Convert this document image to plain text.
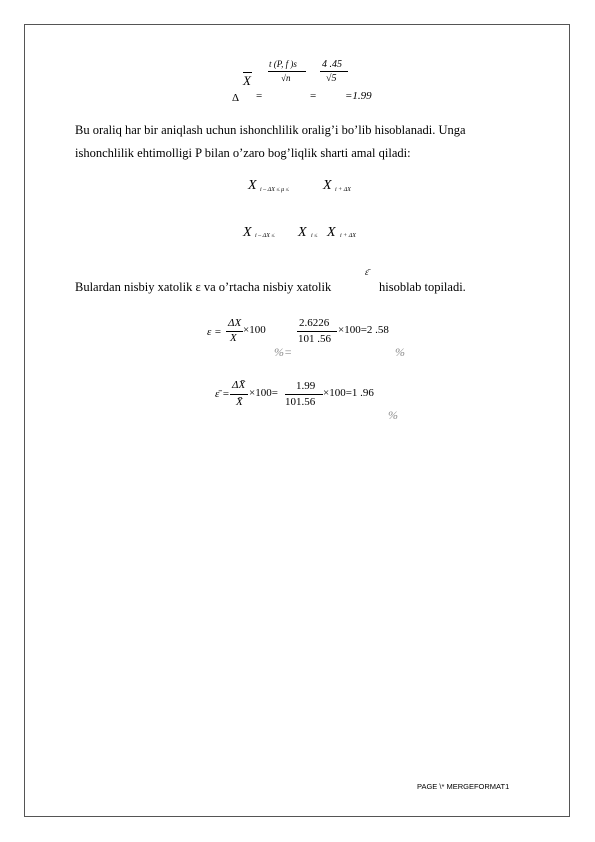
Δ
X
=
t (P, f )s
√n
=
4 .45
√5
=1.99
Bu oraliq har bir aniqlash uchun ishonchlilik oralig’i bo’lib hisoblanadi. Unga
ishonchlilik ehtimolligi P bilan o’zaro bog’liqlik sharti amal qiladi:
X i – ΔX ≤ μ ≤ X i + ΔX
X i – ΔX ≤ X i ≤ X i + ΔX
Bulardan nisbiy xatolik ε va o’rtacha nisbiy xatolik
ε̄
hisoblab topiladi.
ε =
ΔX
X
×100
%=
2.6226
101 .56
×100=2 .58
%
ε̄ =
ΔX̄
X̄
×100=
1.99
101.56
×100=1 .96
%
PAGE \* MERGEFORMAT1
